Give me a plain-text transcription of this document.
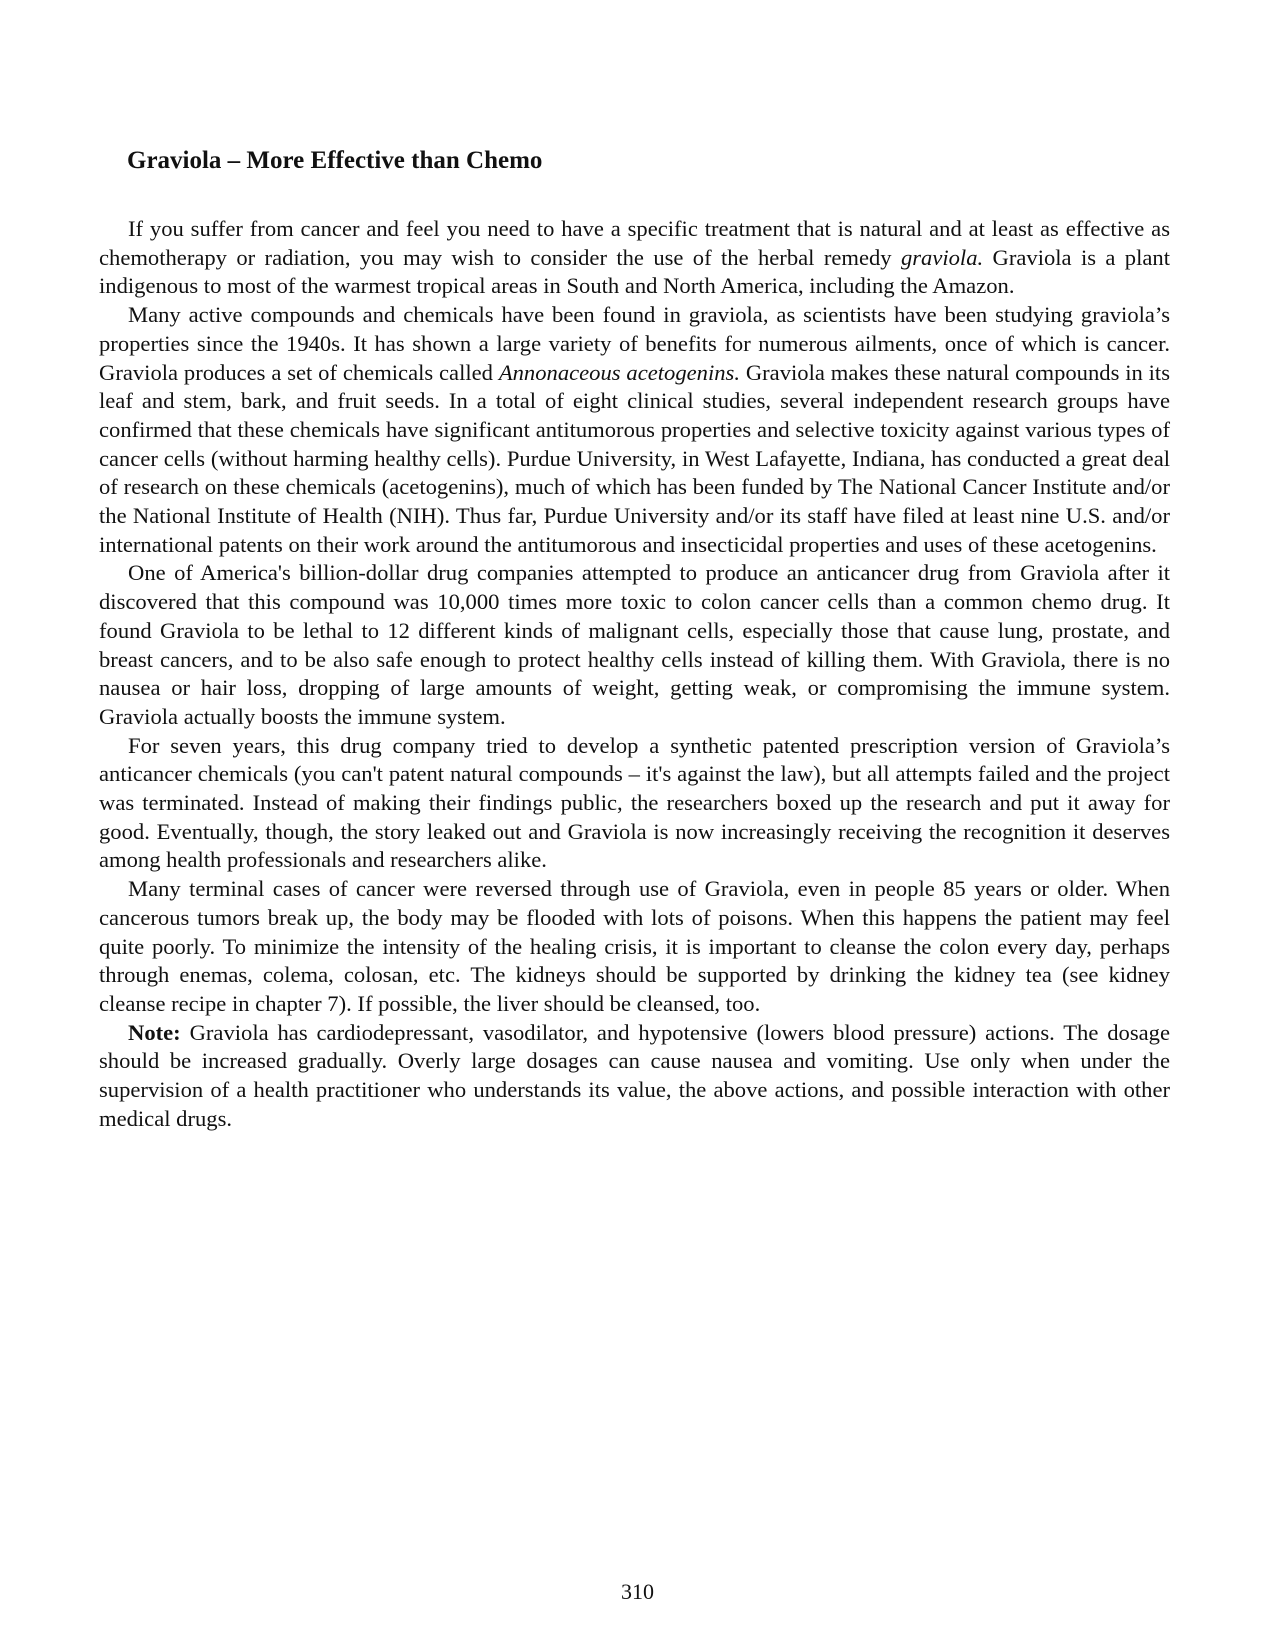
Graviola – More Effective than Chemo

If you suffer from cancer and feel you need to have a specific treatment that is natural and at least as effective as chemotherapy or radiation, you may wish to consider the use of the herbal remedy graviola. Graviola is a plant indigenous to most of the warmest tropical areas in South and North America, including the Amazon.

Many active compounds and chemicals have been found in graviola, as scientists have been studying graviola’s properties since the 1940s. It has shown a large variety of benefits for numerous ailments, once of which is cancer. Graviola produces a set of chemicals called Annonaceous acetogenins. Graviola makes these natural compounds in its leaf and stem, bark, and fruit seeds. In a total of eight clinical studies, several independent research groups have confirmed that these chemicals have significant antitumorous properties and selective toxicity against various types of cancer cells (without harming healthy cells). Purdue University, in West Lafayette, Indiana, has conducted a great deal of research on these chemicals (acetogenins), much of which has been funded by The National Cancer Institute and/or the National Institute of Health (NIH). Thus far, Purdue University and/or its staff have filed at least nine U.S. and/or international patents on their work around the antitumorous and insecticidal properties and uses of these acetogenins.

One of America's billion-dollar drug companies attempted to produce an anticancer drug from Graviola after it discovered that this compound was 10,000 times more toxic to colon cancer cells than a common chemo drug. It found Graviola to be lethal to 12 different kinds of malignant cells, especially those that cause lung, prostate, and breast cancers, and to be also safe enough to protect healthy cells instead of killing them. With Graviola, there is no nausea or hair loss, dropping of large amounts of weight, getting weak, or compromising the immune system. Graviola actually boosts the immune system.

For seven years, this drug company tried to develop a synthetic patented prescription version of Graviola’s anticancer chemicals (you can't patent natural compounds – it's against the law), but all attempts failed and the project was terminated. Instead of making their findings public, the researchers boxed up the research and put it away for good. Eventually, though, the story leaked out and Graviola is now increasingly receiving the recognition it deserves among health professionals and researchers alike.

Many terminal cases of cancer were reversed through use of Graviola, even in people 85 years or older. When cancerous tumors break up, the body may be flooded with lots of poisons. When this happens the patient may feel quite poorly. To minimize the intensity of the healing crisis, it is important to cleanse the colon every day, perhaps through enemas, colema, colosan, etc. The kidneys should be supported by drinking the kidney tea (see kidney cleanse recipe in chapter 7). If possible, the liver should be cleansed, too.

Note: Graviola has cardiodepressant, vasodilator, and hypotensive (lowers blood pressure) actions. The dosage should be increased gradually. Overly large dosages can cause nausea and vomiting. Use only when under the supervision of a health practitioner who understands its value, the above actions, and possible interaction with other medical drugs.

310
